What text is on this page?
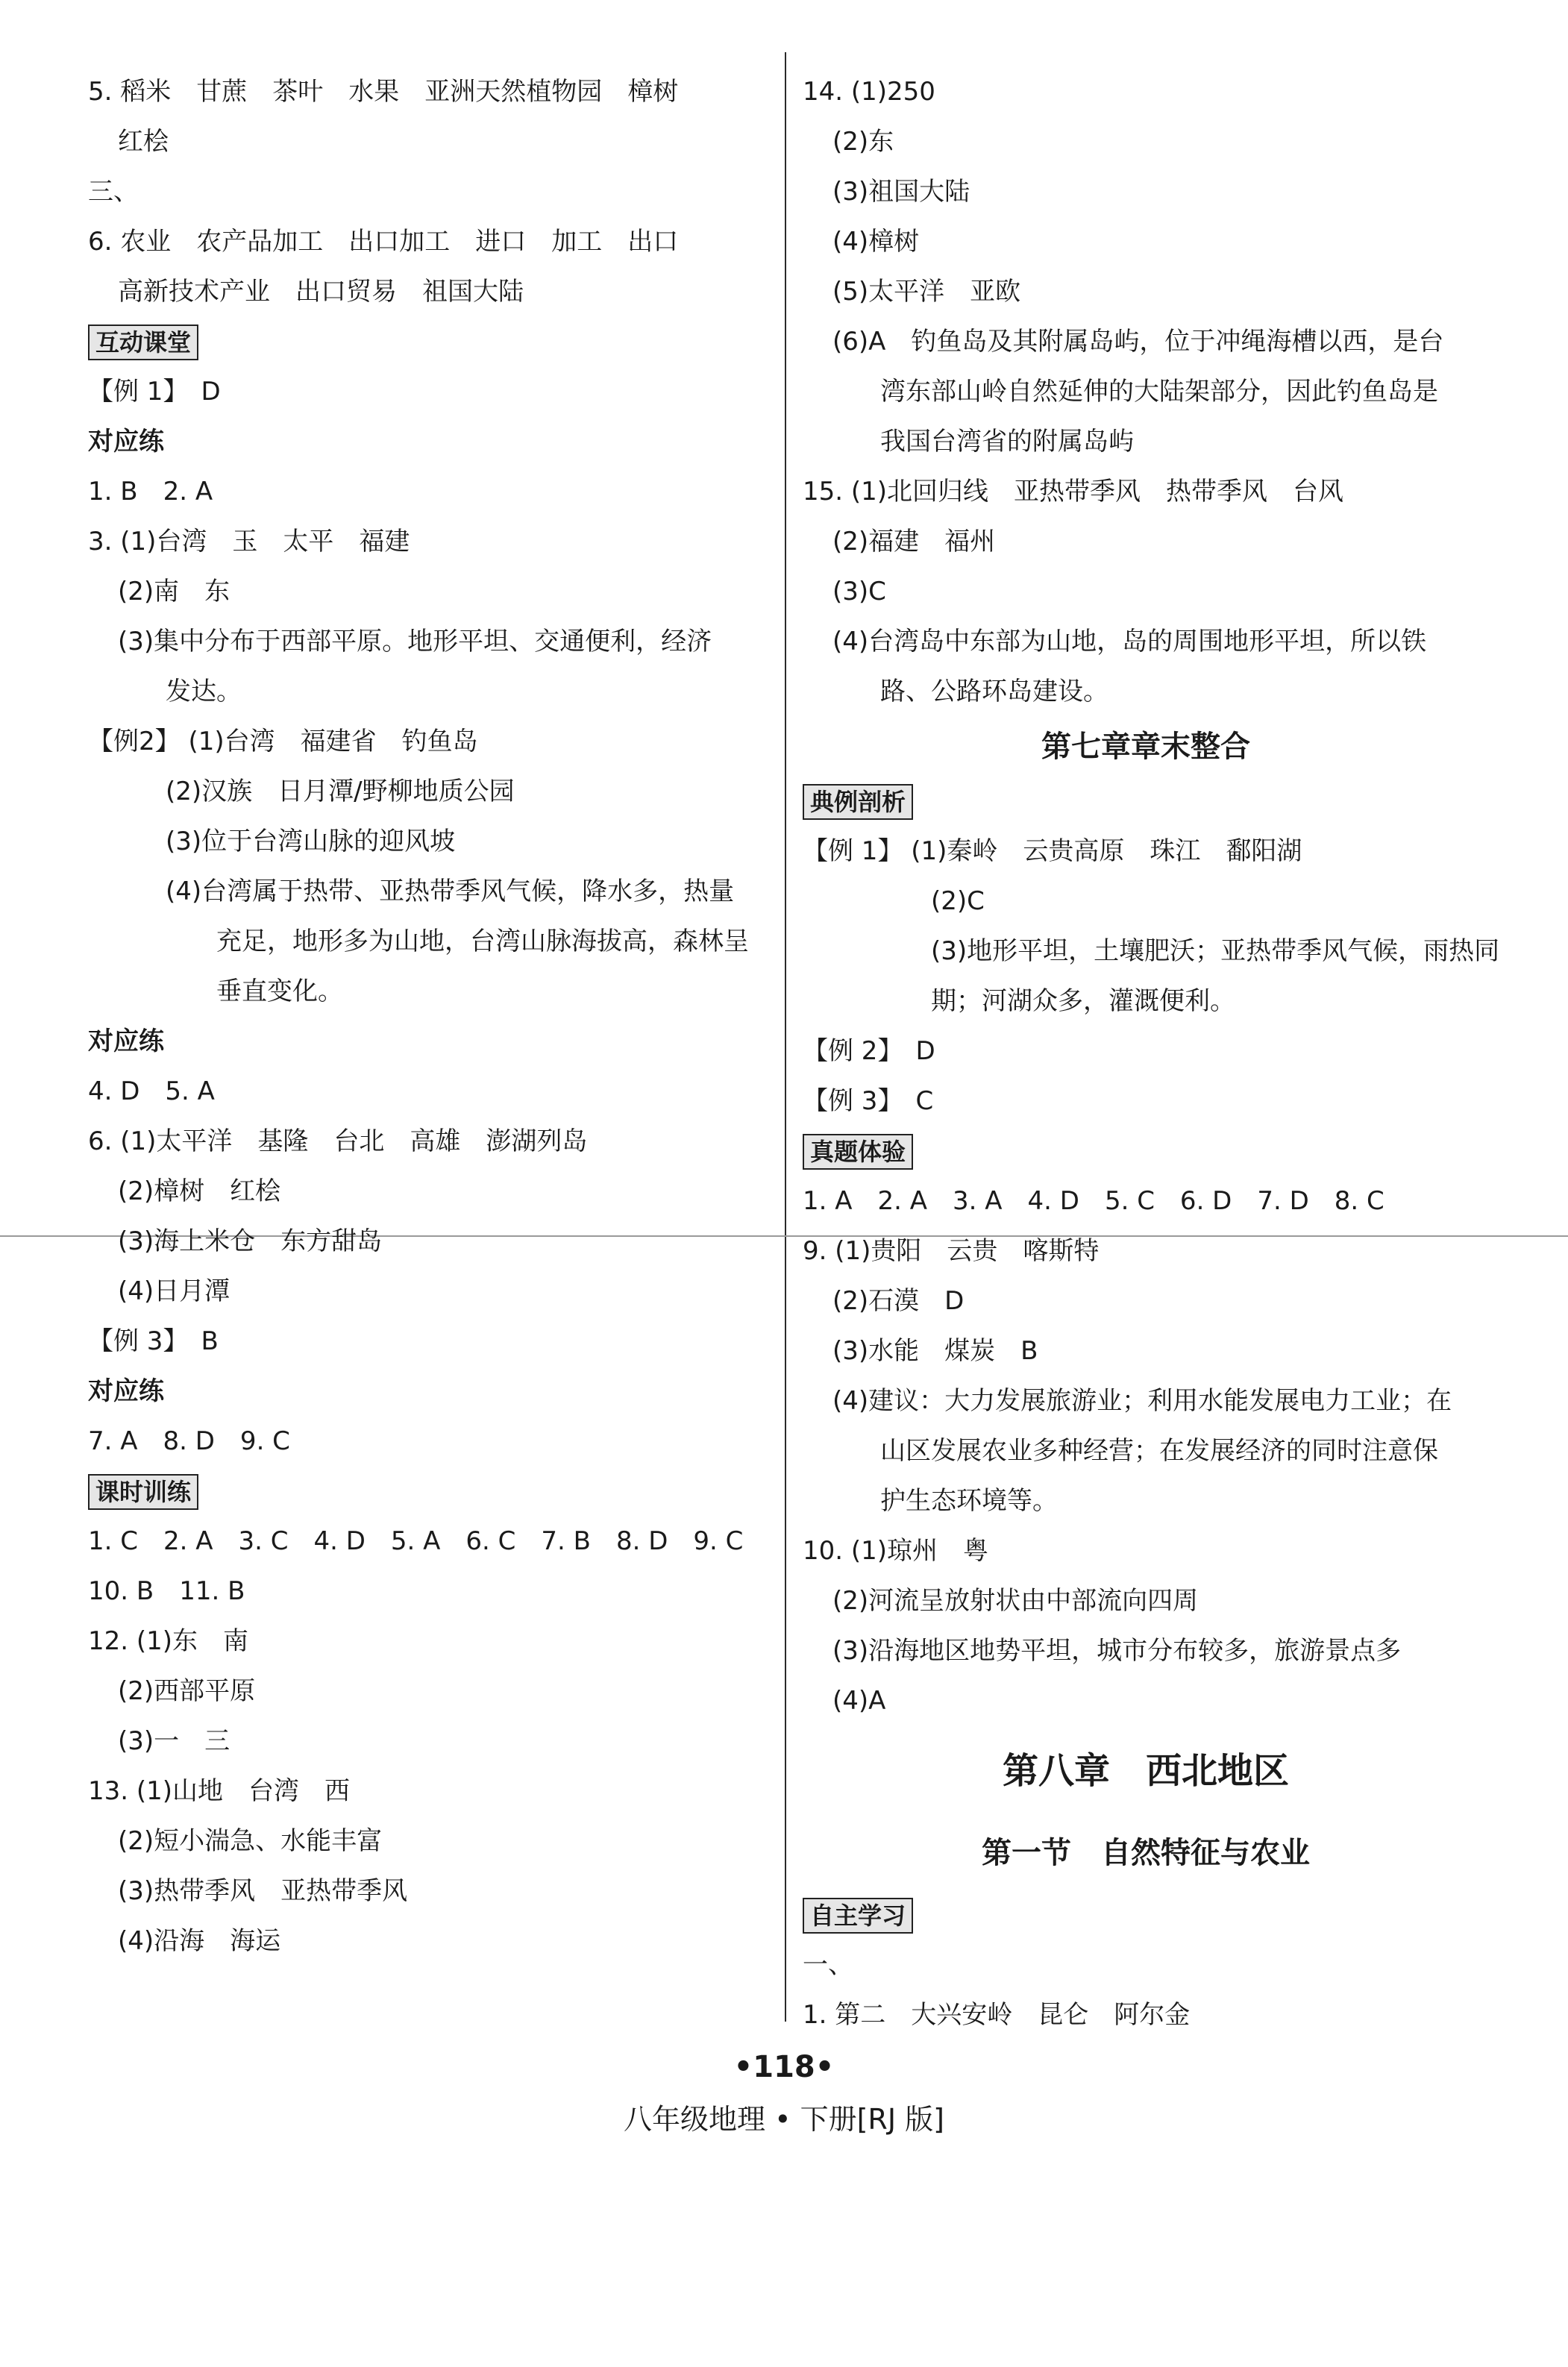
5. 稻米　甘蔗　茶叶　水果　亚洲天然植物园　樟树
红桧
三、
6. 农业　农产品加工　出口加工　进口　加工　出口
高新技术产业　出口贸易　祖国大陆
互动课堂
【例 1】　D
对应练
1. B　2. A
3. (1)台湾　玉　太平　福建
(2)南　东
(3)集中分布于西部平原。地形平坦、交通便利，经济
发达。
【例2】 (1)台湾　福建省　钓鱼岛
(2)汉族　日月潭/野柳地质公园
(3)位于台湾山脉的迎风坡
(4)台湾属于热带、亚热带季风气候，降水多，热量
充足，地形多为山地，台湾山脉海拔高，森林呈
垂直变化。
对应练
4. D　5. A
6. (1)太平洋　基隆　台北　高雄　澎湖列岛
(2)樟树　红桧
(3)海上米仓　东方甜岛
(4)日月潭
【例 3】　B
对应练
7. A　8. D　9. C
课时训练
1. C　2. A　3. C　4. D　5. A　6. C　7. B　8. D　9. C
10. B　11. B
12. (1)东　南
(2)西部平原
(3)一　三
13. (1)山地　台湾　西
(2)短小湍急、水能丰富
(3)热带季风　亚热带季风
(4)沿海　海运
14. (1)250
(2)东
(3)祖国大陆
(4)樟树
(5)太平洋　亚欧
(6)A　钓鱼岛及其附属岛屿，位于冲绳海槽以西，是台
湾东部山岭自然延伸的大陆架部分，因此钓鱼岛是
我国台湾省的附属岛屿
15. (1)北回归线　亚热带季风　热带季风　台风
(2)福建　福州
(3)C
(4)台湾岛中东部为山地，岛的周围地形平坦，所以铁
路、公路环岛建设。
第七章章末整合
典例剖析
【例 1】 (1)秦岭　云贵高原　珠江　鄱阳湖
(2)C
(3)地形平坦，土壤肥沃；亚热带季风气候，雨热同
期；河湖众多，灌溉便利。
【例 2】　D
【例 3】　C
真题体验
1. A　2. A　3. A　4. D　5. C　6. D　7. D　8. C
9. (1)贵阳　云贵　喀斯特
(2)石漠　D
(3)水能　煤炭　B
(4)建议：大力发展旅游业；利用水能发展电力工业；在
山区发展农业多种经营；在发展经济的同时注意保
护生态环境等。
10. (1)琼州　粤
(2)河流呈放射状由中部流向四周
(3)沿海地区地势平坦，城市分布较多，旅游景点多
(4)A
第八章　西北地区
第一节　自然特征与农业
自主学习
一、
1. 第二　大兴安岭　昆仑　阿尔金
•118•
八年级地理 • 下册[RJ 版]
